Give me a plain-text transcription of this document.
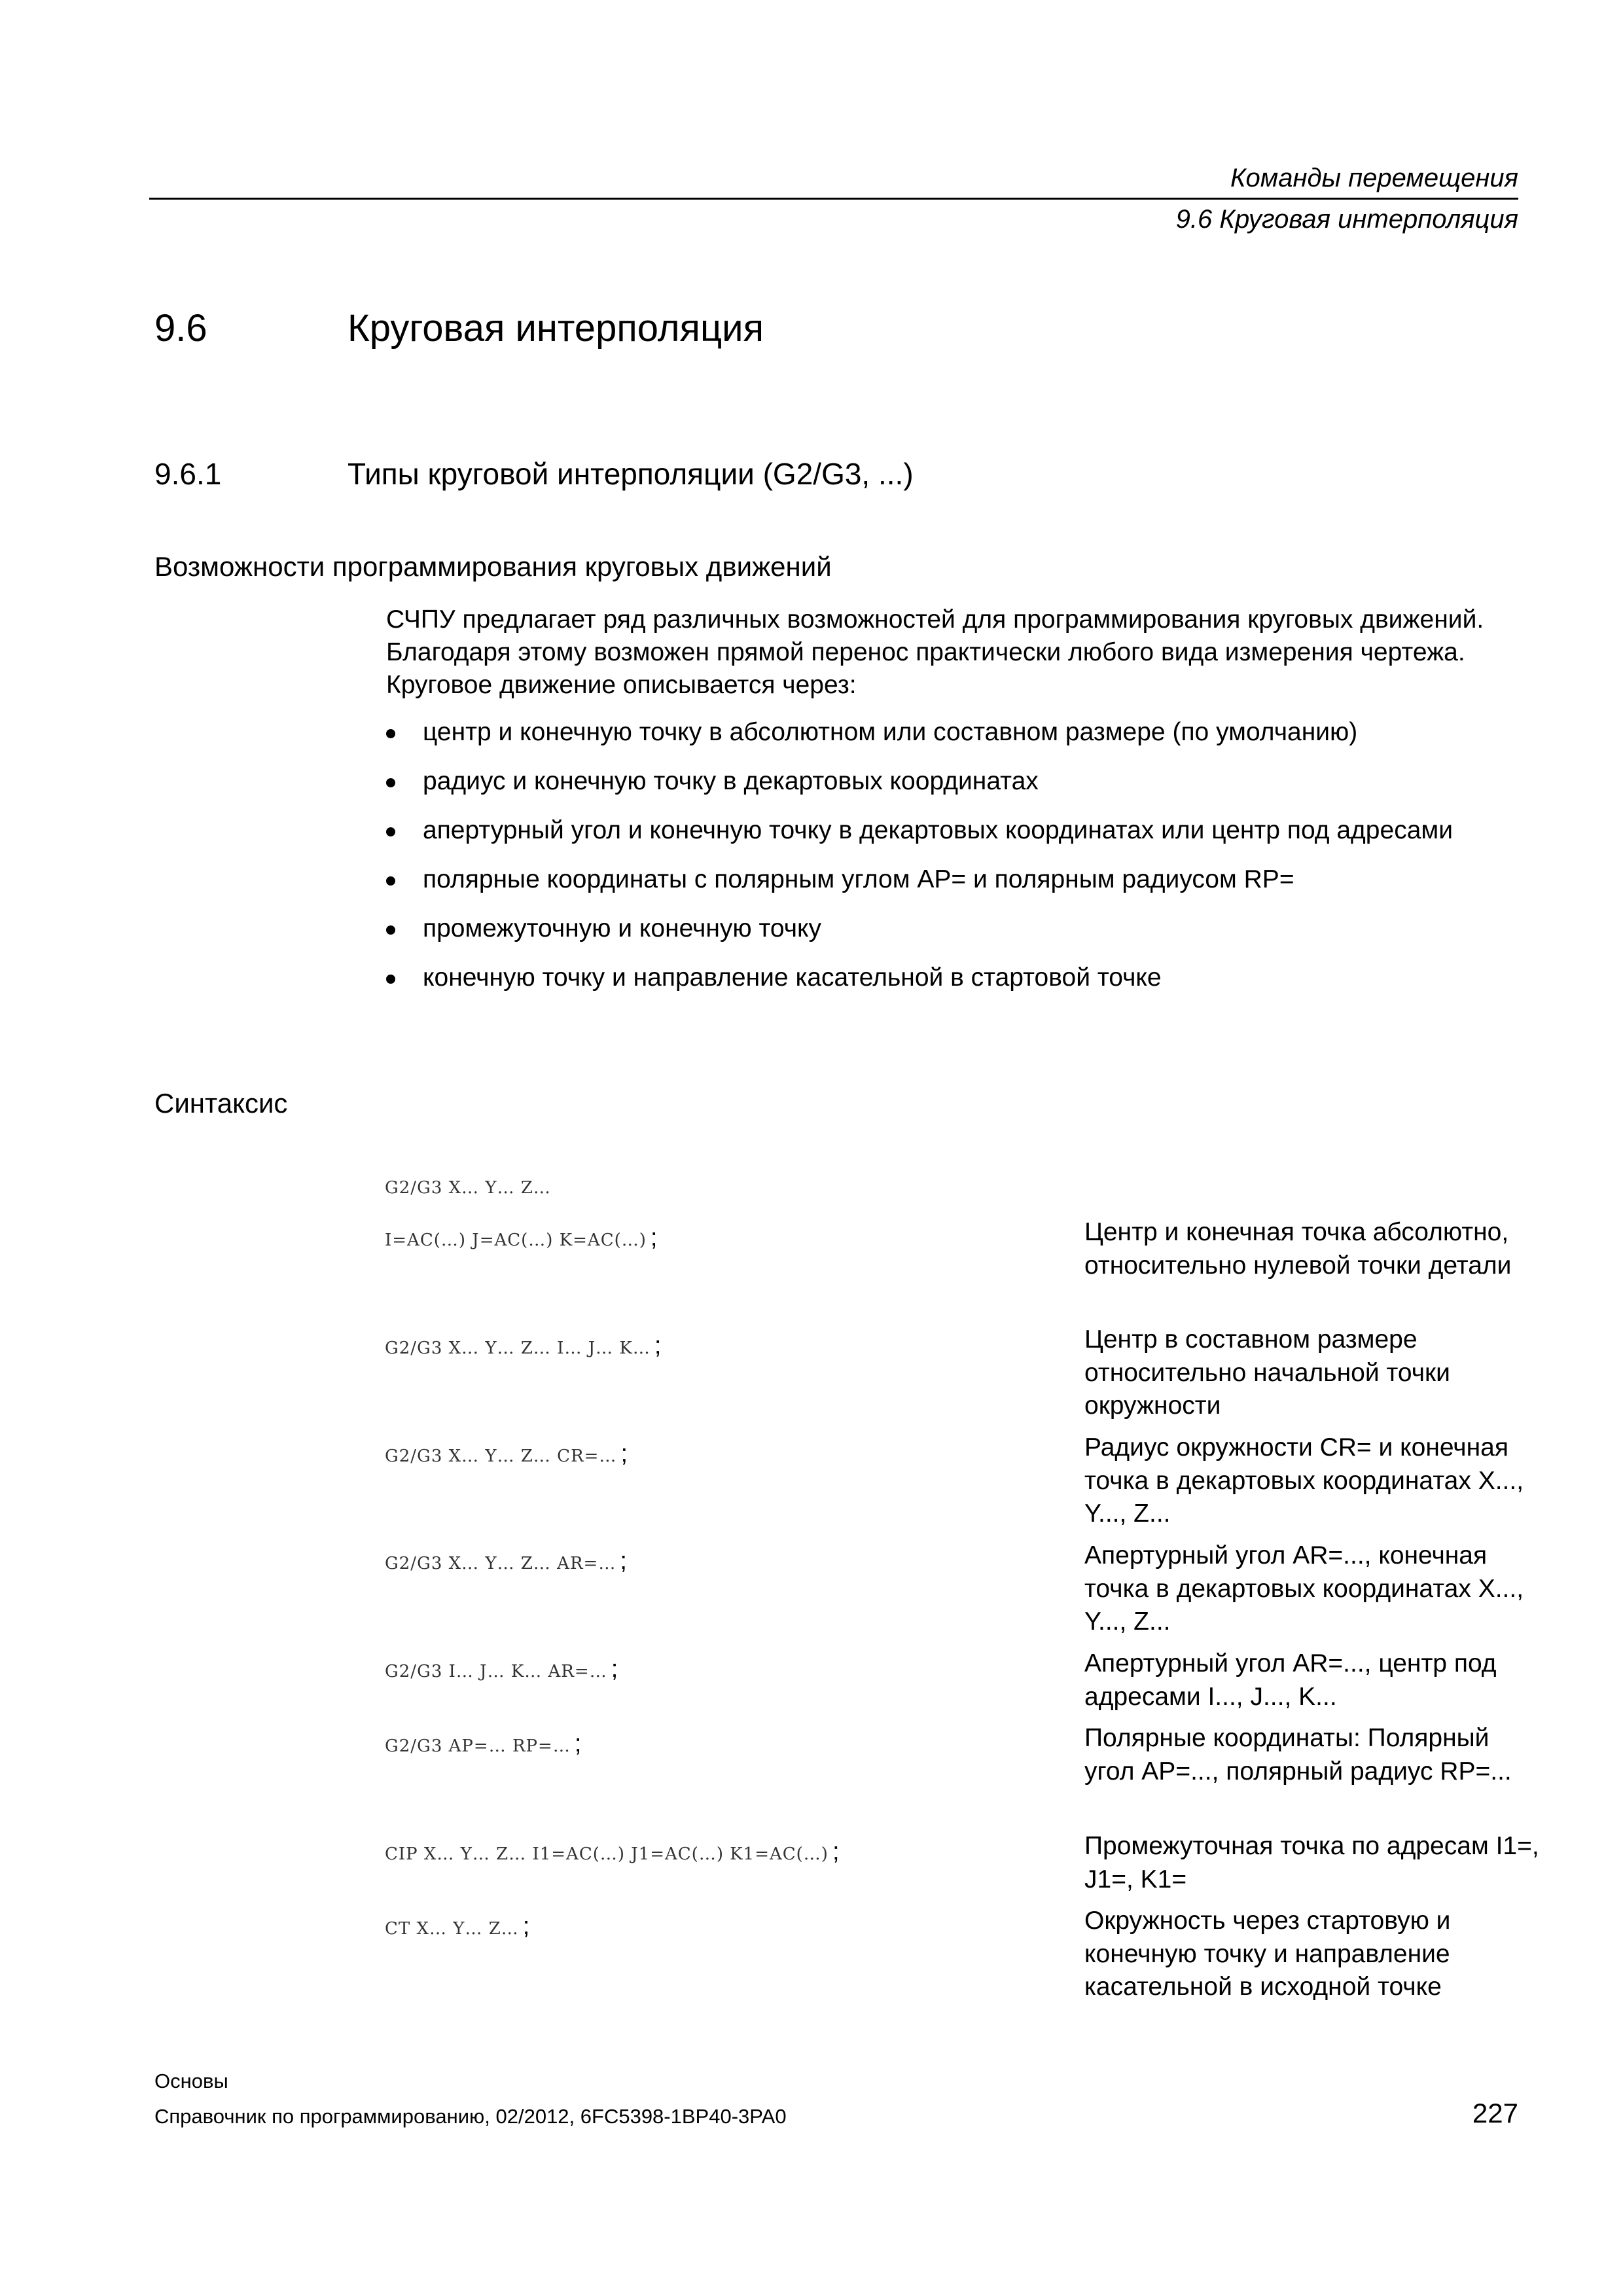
Команды перемещения
9.6 Круговая интерполяция
9.6	Круговая интерполяция
9.6.1	Типы круговой интерполяции (G2/G3, ...)
Возможности программирования круговых движений
СЧПУ предлагает ряд различных возможностей для программирования круговых движений. Благодаря этому возможен прямой перенос практически любого вида измерения чертежа. Круговое движение описывается через:
центр и конечную точку в абсолютном или составном размере (по умолчанию)
радиус и конечную точку в декартовых координатах
апертурный угол и конечную точку в декартовых координатах или центр под адресами
полярные координаты с полярным углом AP= и полярным радиусом RP=
промежуточную и конечную точку
конечную точку и направление касательной в стартовой точке
Синтаксис
G2/G3 X… Y… Z…
I=AC(…) J=AC(…) K=AC(…) ;	Центр и конечная точка абсолютно, относительно нулевой точки детали
G2/G3 X… Y… Z… I… J… K… ;	Центр в составном размере относительно начальной точки окружности
G2/G3 X… Y… Z… CR=… ;	Радиус окружности CR= и конечная точка в декартовых координатах X..., Y..., Z...
G2/G3 X… Y… Z… AR=… ;	Апертурный угол AR=..., конечная точка в декартовых координатах X..., Y..., Z...
G2/G3 I… J… K… AR=… ;	Апертурный угол AR=..., центр под адресами I..., J..., K...
G2/G3 AP=… RP=… ;	Полярные координаты: Полярный угол AP=..., полярный радиус RP=...
CIP X… Y… Z… I1=AC(…) J1=AC(…) K1=AC(…) ;	Промежуточная точка по адресам I1=, J1=, K1=
CT X… Y… Z… ;	Окружность через стартовую и конечную точку и направление касательной в исходной точке
Основы
Справочник по программированию, 02/2012, 6FC5398-1BP40-3PA0	227
